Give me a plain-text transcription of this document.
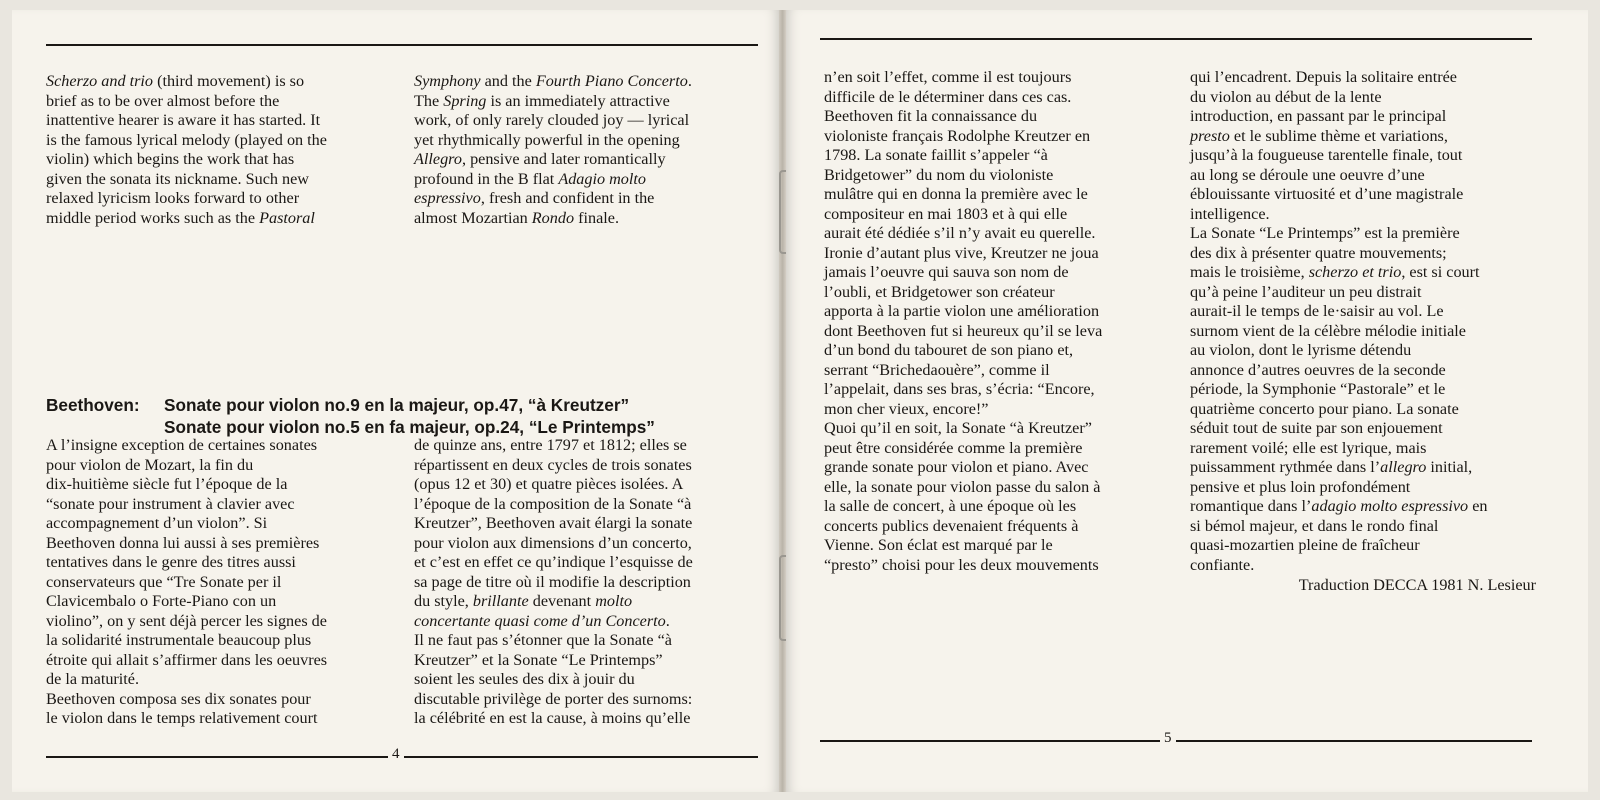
Scherzo and trio (third movement) is so

brief as to be over almost before the

inattentive hearer is aware it has started. It

is the famous lyrical melody (played on the

violin) which begins the work that has

given the sonata its nickname. Such new

relaxed lyricism looks forward to other

middle period works such as the Pastoral

Symphony and the Fourth Piano Concerto.

The Spring is an immediately attractive

work, of only rarely clouded joy — lyrical

yet rhythmically powerful in the opening

Allegro, pensive and later romantically

profound in the B flat Adagio molto

espressivo, fresh and confident in the

almost Mozartian Rondo finale.

Beethoven: Sonate pour violon no.9 en la majeur, op.47, “à Kreutzer”
Sonate pour violon no.5 en fa majeur, op.24, “Le Printemps”

A l’insigne exception de certaines sonates

pour violon de Mozart, la fin du

dix-huitième siècle fut l’époque de la

“sonate pour instrument à clavier avec

accompagnement d’un violon”. Si

Beethoven donna lui aussi à ses premières

tentatives dans le genre des titres aussi

conservateurs que “Tre Sonate per il

Clavicembalo o Forte-Piano con un

violino”, on y sent déjà percer les signes de

la solidarité instrumentale beaucoup plus

étroite qui allait s’affirmer dans les oeuvres

de la maturité.

Beethoven composa ses dix sonates pour

le violon dans le temps relativement court

de quinze ans, entre 1797 et 1812; elles se

répartissent en deux cycles de trois sonates

(opus 12 et 30) et quatre pièces isolées. A

l’époque de la composition de la Sonate “à

Kreutzer”, Beethoven avait élargi la sonate

pour violon aux dimensions d’un concerto,

et c’est en effet ce qu’indique l’esquisse de

sa page de titre où il modifie la description

du style, brillante devenant molto

concertante quasi come d’un Concerto.

Il ne faut pas s’étonner que la Sonate “à

Kreutzer” et la Sonate “Le Printemps”

soient les seules des dix à jouir du

discutable privilège de porter des surnoms:

la célébrité en est la cause, à moins qu’elle

4

n’en soit l’effet, comme il est toujours

difficile de le déterminer dans ces cas.

Beethoven fit la connaissance du

violoniste français Rodolphe Kreutzer en

1798. La sonate faillit s’appeler “à

Bridgetower” du nom du violoniste

mulâtre qui en donna la première avec le

compositeur en mai 1803 et à qui elle

aurait été dédiée s’il n’y avait eu querelle.

Ironie d’autant plus vive, Kreutzer ne joua

jamais l’oeuvre qui sauva son nom de

l’oubli, et Bridgetower son créateur

apporta à la partie violon une amélioration

dont Beethoven fut si heureux qu’il se leva

d’un bond du tabouret de son piano et,

serrant “Brichedaouère”, comme il

l’appelait, dans ses bras, s’écria: “Encore,

mon cher vieux, encore!”

Quoi qu’il en soit, la Sonate “à Kreutzer”

peut être considérée comme la première

grande sonate pour violon et piano. Avec

elle, la sonate pour violon passe du salon à

la salle de concert, à une époque où les

concerts publics devenaient fréquents à

Vienne. Son éclat est marqué par le

“presto” choisi pour les deux mouvements

qui l’encadrent. Depuis la solitaire entrée

du violon au début de la lente

introduction, en passant par le principal

presto et le sublime thème et variations,

jusqu’à la fougueuse tarentelle finale, tout

au long se déroule une oeuvre d’une

éblouissante virtuosité et d’une magistrale

intelligence.

La Sonate “Le Printemps” est la première

des dix à présenter quatre mouvements;

mais le troisième, scherzo et trio, est si court

qu’à peine l’auditeur un peu distrait

aurait-il le temps de le·saisir au vol. Le

surnom vient de la célèbre mélodie initiale

au violon, dont le lyrisme détendu

annonce d’autres oeuvres de la seconde

période, la Symphonie “Pastorale” et le

quatrième concerto pour piano. La sonate

séduit tout de suite par son enjouement

rarement voilé; elle est lyrique, mais

puissamment rythmée dans l’allegro initial,

pensive et plus loin profondément

romantique dans l’adagio molto espressivo en

si bémol majeur, et dans le rondo final

quasi-mozartien pleine de fraîcheur

confiante.

Traduction DECCA 1981 N. Lesieur
5
